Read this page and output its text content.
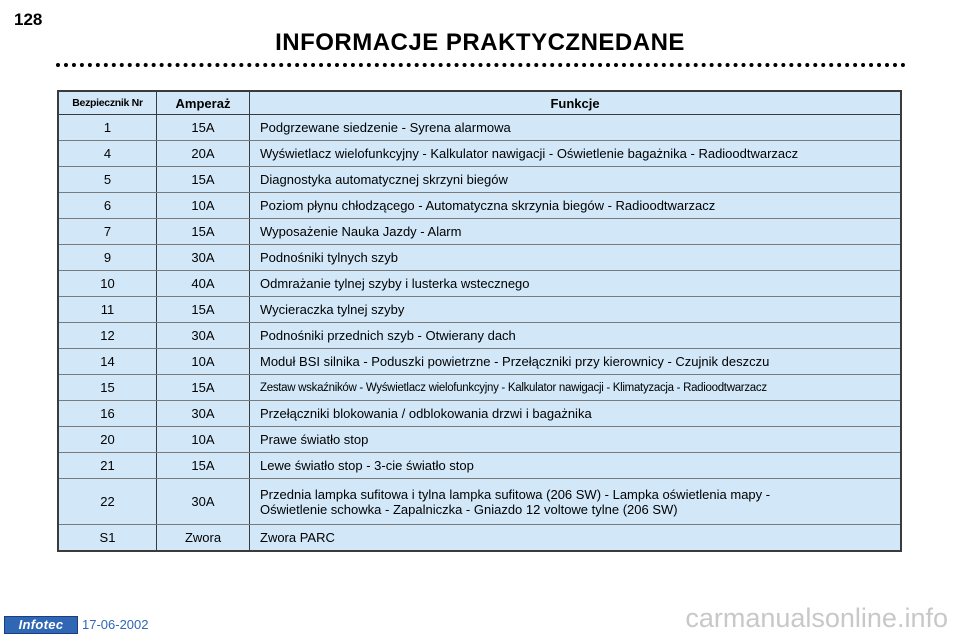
128
INFORMACJE PRAKTYCZNEDANE
Bezpiecznik Nr	Amperaż	Funkcje
1	15A	Podgrzewane siedzenie - Syrena alarmowa
4	20A	Wyświetlacz wielofunkcyjny - Kalkulator nawigacji - Oświetlenie bagażnika - Radioodtwarzacz
5	15A	Diagnostyka automatycznej skrzyni biegów
6	10A	Poziom płynu chłodzącego - Automatyczna skrzynia biegów - Radioodtwarzacz
7	15A	Wyposażenie Nauka Jazdy - Alarm
9	30A	Podnośniki tylnych szyb
10	40A	Odmrażanie tylnej szyby i lusterka wstecznego
11	15A	Wycieraczka tylnej szyby
12	30A	Podnośniki przednich szyb - Otwierany dach
14	10A	Moduł BSI silnika - Poduszki powietrzne - Przełączniki przy kierownicy - Czujnik deszczu
15	15A	Zestaw wskaźników - Wyświetlacz wielofunkcyjny - Kalkulator nawigacji - Klimatyzacja - Radioodtwarzacz
16	30A	Przełączniki blokowania / odblokowania drzwi i bagażnika
20	10A	Prawe światło stop
21	15A	Lewe światło stop - 3-cie światło stop
22	30A	Przednia lampka sufitowa i tylna lampka sufitowa (206 SW) - Lampka oświetlenia mapy -
Oświetlenie schowka - Zapalniczka - Gniazdo 12 voltowe tylne (206 SW)

S1	Zwora	Zwora PARC
Infotec	17-06-2002	carmanualsonline.info
